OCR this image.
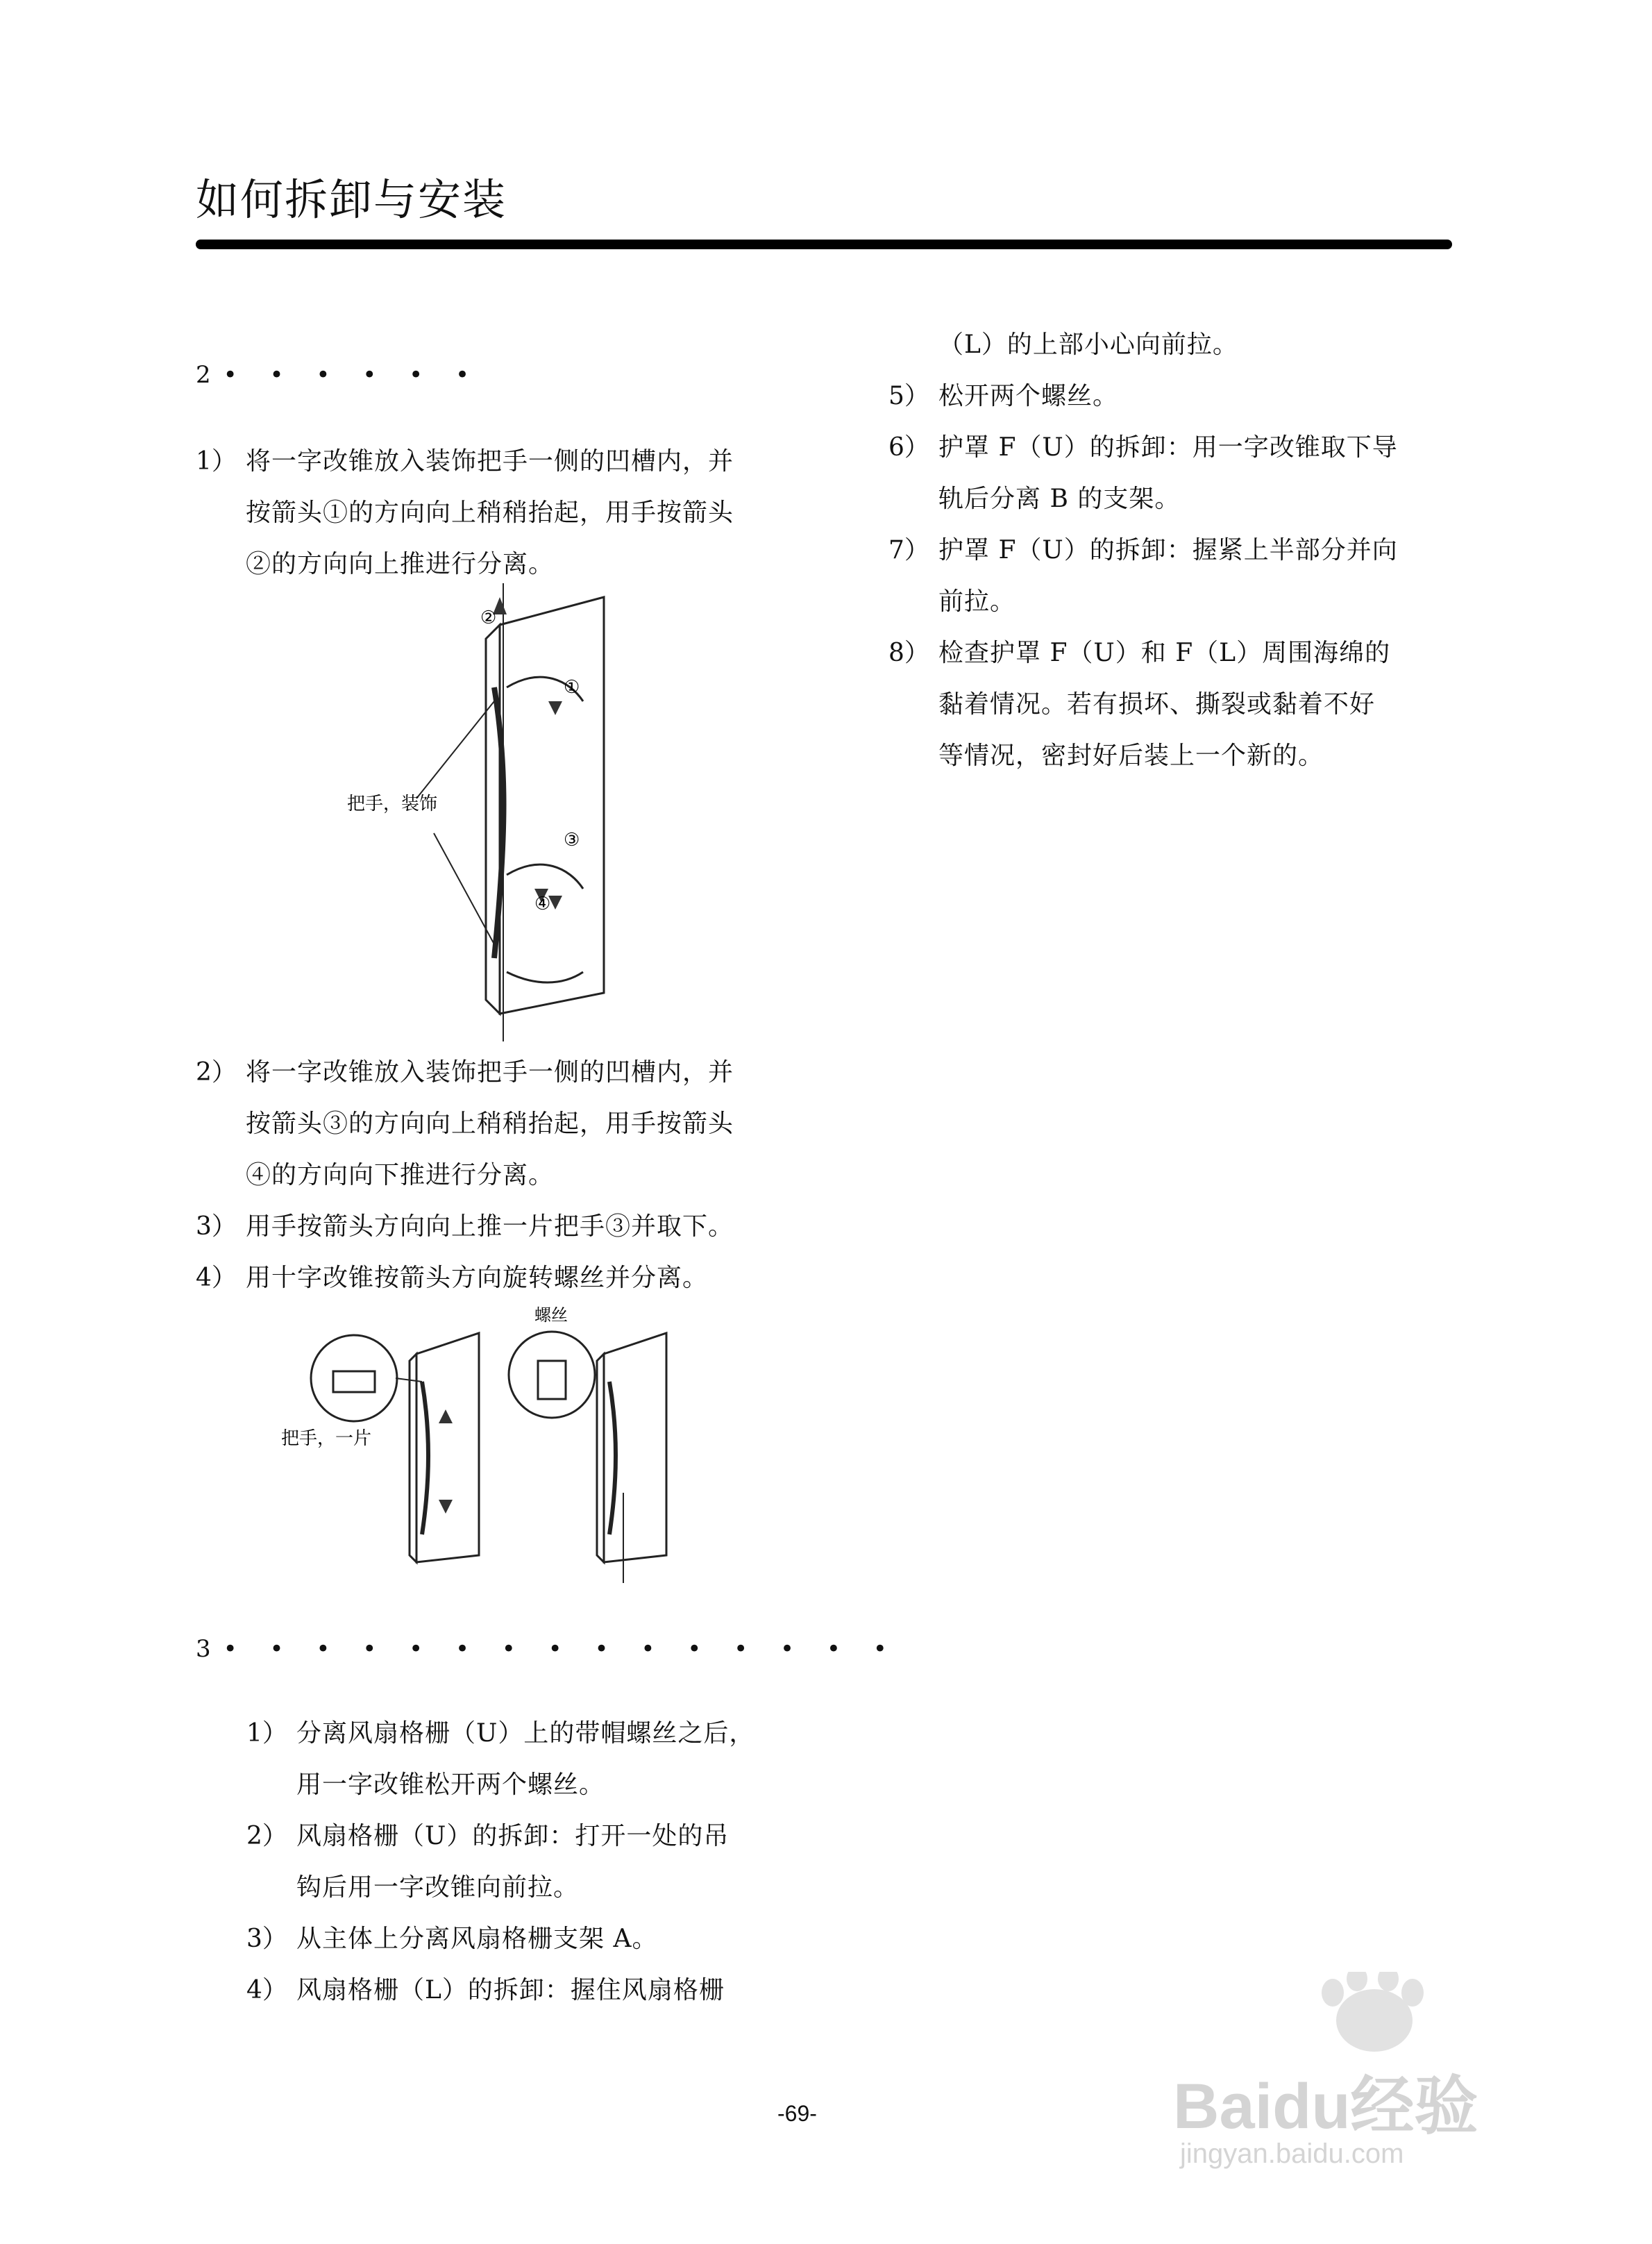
如何拆卸与安装
2• • • • • •
1） 将一字改锥放入装饰把手一侧的凹槽内，并
按箭头①的方向向上稍稍抬起，用手按箭头
②的方向向上推进行分离。
②
①
③
④
把手，装饰
2） 将一字改锥放入装饰把手一侧的凹槽内，并
按箭头③的方向向上稍稍抬起，用手按箭头
④的方向向下推进行分离。
3） 用手按箭头方向向上推一片把手③并取下。
4） 用十字改锥按箭头方向旋转螺丝并分离。
把手，一片
螺丝
3• • • • • • • • • • • • • • •
1） 分离风扇格栅（U）上的带帽螺丝之后，
用一字改锥松开两个螺丝。
2） 风扇格栅（U）的拆卸：打开一处的吊
钩后用一字改锥向前拉。
3） 从主体上分离风扇格栅支架 A。
4） 风扇格栅（L）的拆卸：握住风扇格栅
（L）的上部小心向前拉。
5） 松开两个螺丝。
6） 护罩 F（U）的拆卸：用一字改锥取下导
轨后分离 B 的支架。
7） 护罩 F（U）的拆卸：握紧上半部分并向
前拉。
8） 检查护罩 F（U）和 F（L）周围海绵的
黏着情况。若有损坏、撕裂或黏着不好
等情况，密封好后装上一个新的。
-69-	Baidu经验
jingyan.baidu.com
